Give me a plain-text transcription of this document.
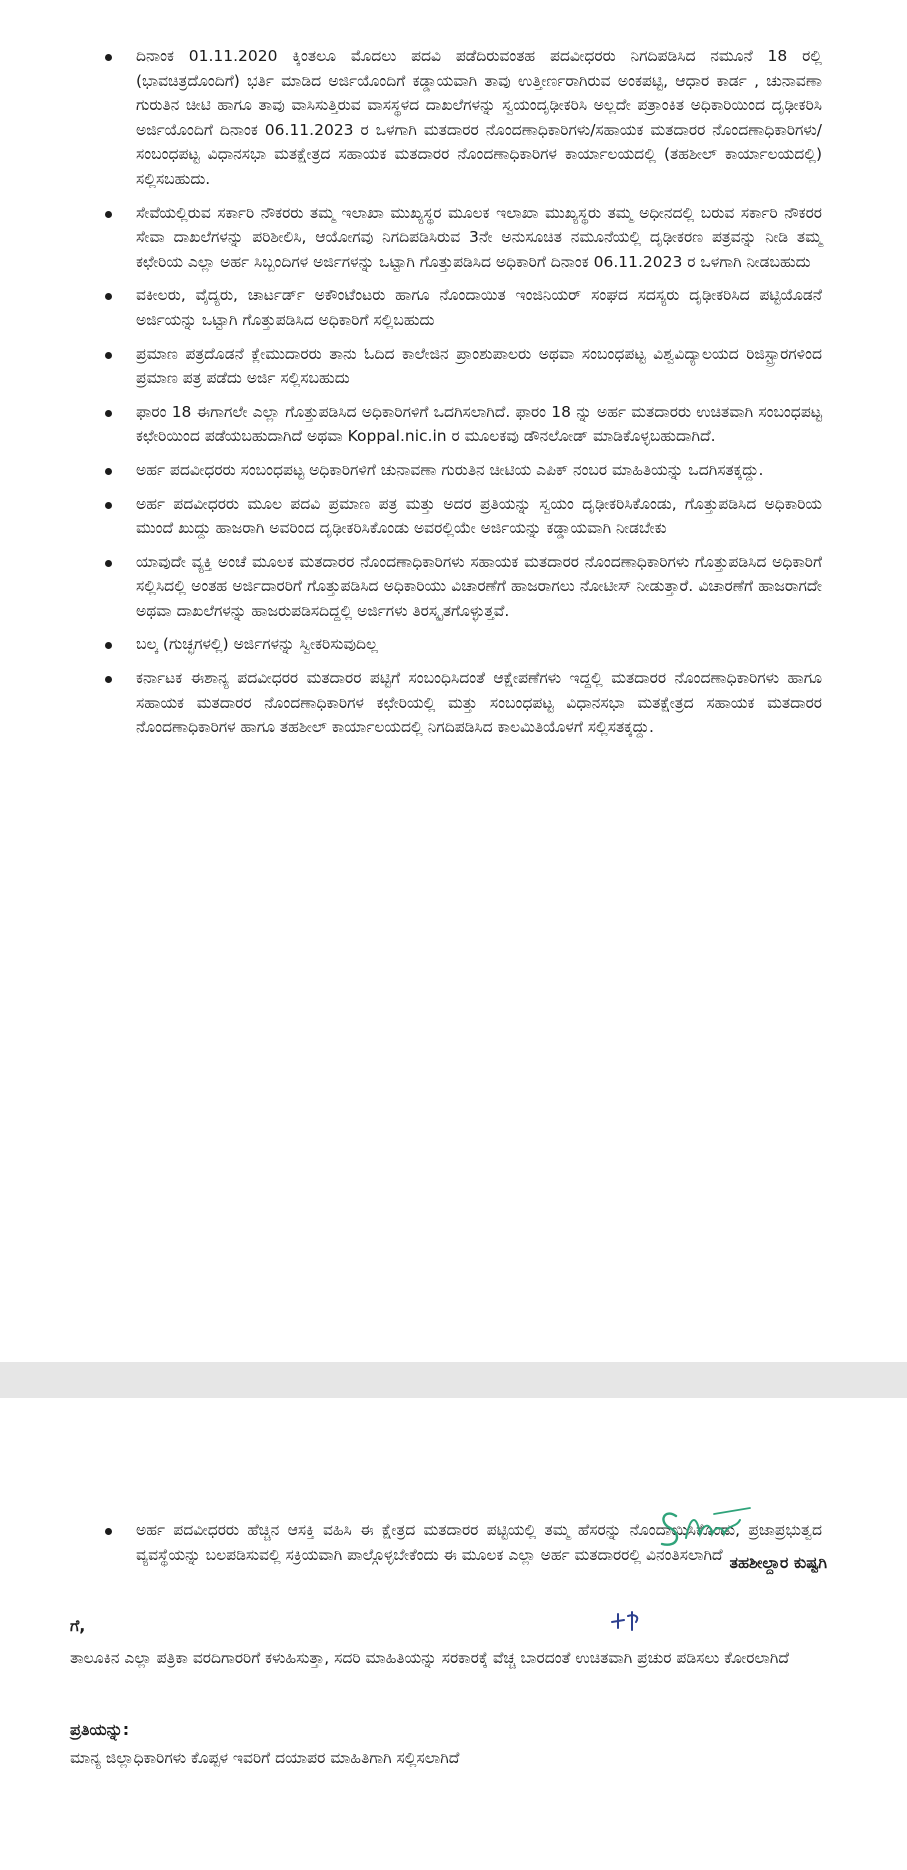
ದಿನಾಂಕ 01.11.2020 ಕ್ಕಿಂತಲೂ ಮೊದಲು ಪದವಿ ಪಡೆದಿರುವಂತಹ ಪದವೀಧರರು ನಿಗದಿಪಡಿಸಿದ ನಮೂನೆ 18 ರಲ್ಲಿ (ಭಾವಚಿತ್ರದೊಂದಿಗೆ) ಭರ್ತಿ ಮಾಡಿದ ಅರ್ಜಿಯೊಂದಿಗೆ ಕಡ್ಡಾಯವಾಗಿ ತಾವು ಉತ್ತೀರ್ಣರಾಗಿರುವ ಅಂಕಪಟ್ಟಿ, ಆಧಾರ ಕಾರ್ಡ , ಚುನಾವಣಾ ಗುರುತಿನ ಚೀಟಿ ಹಾಗೂ ತಾವು ವಾಸಿಸುತ್ತಿರುವ ವಾಸಸ್ಥಳದ ದಾಖಲೆಗಳನ್ನು ಸ್ವಯಂದೃಢೀಕರಿಸಿ ಅಲ್ಲದೇ ಪತ್ರಾಂಕಿತ ಅಧಿಕಾರಿಯಿಂದ ದೃಢೀಕರಿಸಿ ಅರ್ಜಿಯೊಂದಿಗೆ ದಿನಾಂಕ 06.11.2023 ರ ಒಳಗಾಗಿ ಮತದಾರರ ನೊಂದಣಾಧಿಕಾರಿಗಳು/ಸಹಾಯಕ ಮತದಾರರ ನೊಂದಣಾಧಿಕಾರಿಗಳು/ಸಂಬಂಧಪಟ್ಟ ವಿಧಾನಸಭಾ ಮತಕ್ಷೇತ್ರದ ಸಹಾಯಕ ಮತದಾರರ ನೊಂದಣಾಧಿಕಾರಿಗಳ ಕಾರ್ಯಾಲಯದಲ್ಲಿ (ತಹಶೀಲ್ ಕಾರ್ಯಾಲಯದಲ್ಲಿ) ಸಲ್ಲಿಸಬಹುದು.
ಸೇವೆಯಲ್ಲಿರುವ ಸರ್ಕಾರಿ ನೌಕರರು ತಮ್ಮ ಇಲಾಖಾ ಮುಖ್ಯಸ್ಥರ ಮೂಲಕ ಇಲಾಖಾ ಮುಖ್ಯಸ್ಥರು ತಮ್ಮ ಅಧೀನದಲ್ಲಿ ಬರುವ ಸರ್ಕಾರಿ ನೌಕರರ ಸೇವಾ ದಾಖಲೆಗಳನ್ನು ಪರಿಶೀಲಿಸಿ, ಆಯೋಗವು ನಿಗದಿಪಡಿಸಿರುವ 3ನೇ ಅನುಸೂಚಿತ ನಮೂನೆಯಲ್ಲಿ ದೃಢೀಕರಣ ಪತ್ರವನ್ನು ನೀಡಿ ತಮ್ಮ ಕಛೇರಿಯ ಎಲ್ಲಾ ಅರ್ಹ ಸಿಬ್ಬಂದಿಗಳ ಅರ್ಜಿಗಳನ್ನು ಒಟ್ಟಾಗಿ ಗೊತ್ತುಪಡಿಸಿದ ಅಧಿಕಾರಿಗೆ ದಿನಾಂಕ 06.11.2023 ರ ಒಳಗಾಗಿ ನೀಡಬಹುದು
ವಕೀಲರು, ವೈದ್ಯರು, ಚಾರ್ಟರ್ಡ್ ಅಕೌಂಟೆಂಟರು ಹಾಗೂ ನೊಂದಾಯಿತ ಇಂಜಿನಿಯರ್ ಸಂಘದ ಸದಸ್ಯರು ದೃಢೀಕರಿಸಿದ ಪಟ್ಟಿಯೊಡನೆ ಅರ್ಜಿಯನ್ನು ಒಟ್ಟಾಗಿ ಗೊತ್ತುಪಡಿಸಿದ ಅಧಿಕಾರಿಗೆ ಸಲ್ಲಿಬಹುದು
ಪ್ರಮಾಣ ಪತ್ರದೊಡನೆ ಕ್ಲೇಮುದಾರರು ತಾನು ಓದಿದ ಕಾಲೇಜಿನ ಪ್ರಾಂಶುಪಾಲರು ಅಥವಾ ಸಂಬಂಧಪಟ್ಟ ವಿಶ್ವವಿದ್ಯಾಲಯದ ರಿಜಿಸ್ಟ್ರಾರಗಳಿಂದ ಪ್ರಮಾಣ ಪತ್ರ ಪಡೆದು ಅರ್ಜಿ ಸಲ್ಲಿಸಬಹುದು
ಫಾರಂ 18 ಈಗಾಗಲೇ ಎಲ್ಲಾ ಗೊತ್ತುಪಡಿಸಿದ ಅಧಿಕಾರಿಗಳಿಗೆ ಒದಗಿಸಲಾಗಿದೆ. ಫಾರಂ 18 ನ್ನು ಅರ್ಹ ಮತದಾರರು ಉಚಿತವಾಗಿ ಸಂಬಂಧಪಟ್ಟ ಕಛೇರಿಯಿಂದ ಪಡೆಯಬಹುದಾಗಿದೆ ಅಥವಾ Koppal.nic.in ರ ಮೂಲಕವು ಡೌನಲೋಡ್ ಮಾಡಿಕೊಳ್ಳಬಹುದಾಗಿದೆ.
ಅರ್ಹ ಪದವೀಧರರು ಸಂಬಂಧಪಟ್ಟ ಅಧಿಕಾರಿಗಳಿಗೆ ಚುನಾವಣಾ ಗುರುತಿನ ಚೀಟಿಯ ಎಪಿಕ್ ನಂಬರ ಮಾಹಿತಿಯನ್ನು ಒದಗಿಸತಕ್ಕದ್ದು.
ಅರ್ಹ ಪದವೀಧರರು ಮೂಲ ಪದವಿ ಪ್ರಮಾಣ ಪತ್ರ ಮತ್ತು ಅದರ ಪ್ರತಿಯನ್ನು ಸ್ವಯಂ ದೃಢೀಕರಿಸಿಕೊಂಡು, ಗೊತ್ತುಪಡಿಸಿದ ಅಧಿಕಾರಿಯ ಮುಂದೆ ಖುದ್ದು ಹಾಜರಾಗಿ ಅವರಿಂದ ದೃಢೀಕರಿಸಿಕೊಂಡು ಅವರಲ್ಲಿಯೇ ಅರ್ಜಿಯನ್ನು ಕಡ್ಡಾಯವಾಗಿ ನೀಡಬೇಕು
ಯಾವುದೇ ವ್ಯಕ್ತಿ ಅಂಚೆ ಮೂಲಕ ಮತದಾರರ ನೊಂದಣಾಧಿಕಾರಿಗಳು ಸಹಾಯಕ ಮತದಾರರ ನೊಂದಣಾಧಿಕಾರಿಗಳು ಗೊತ್ತುಪಡಿಸಿದ ಅಧಿಕಾರಿಗೆ ಸಲ್ಲಿಸಿದಲ್ಲಿ ಅಂತಹ ಅರ್ಜಿದಾರರಿಗೆ ಗೊತ್ತುಪಡಿಸಿದ ಅಧಿಕಾರಿಯು ವಿಚಾರಣೆಗೆ ಹಾಜರಾಗಲು ನೋಟೀಸ್ ನೀಡುತ್ತಾರೆ. ವಿಚಾರಣೆಗೆ ಹಾಜರಾಗದೇ ಅಥವಾ ದಾಖಲೆಗಳನ್ನು ಹಾಜರುಪಡಿಸದಿದ್ದಲ್ಲಿ ಅರ್ಜಿಗಳು ತಿರಸ್ಕೃತಗೊಳ್ಳುತ್ತವೆ.
ಬಲ್ಕ (ಗುಚ್ಛಗಳಲ್ಲಿ) ಅರ್ಜಿಗಳನ್ನು ಸ್ವೀಕರಿಸುವುದಿಲ್ಲ
ಕರ್ನಾಟಕ ಈಶಾನ್ಯ ಪದವೀಧರರ ಮತದಾರರ ಪಟ್ಟಿಗೆ ಸಂಬಂಧಿಸಿದಂತೆ ಆಕ್ಷೇಪಣೆಗಳು ಇದ್ದಲ್ಲಿ ಮತದಾರರ ನೊಂದಣಾಧಿಕಾರಿಗಳು ಹಾಗೂ ಸಹಾಯಕ ಮತದಾರರ ನೊಂದಣಾಧಿಕಾರಿಗಳ ಕಛೇರಿಯಲ್ಲಿ ಮತ್ತು ಸಂಬಂಧಪಟ್ಟ ವಿಧಾನಸಭಾ ಮತಕ್ಷೇತ್ರದ ಸಹಾಯಕ ಮತದಾರರ ನೊಂದಣಾಧಿಕಾರಿಗಳ ಹಾಗೂ ತಹಶೀಲ್ ಕಾರ್ಯಾಲಯದಲ್ಲಿ ನಿಗದಿಪಡಿಸಿದ ಕಾಲಮಿತಿಯೊಳಗೆ ಸಲ್ಲಿಸತಕ್ಕದ್ದು.
ಅರ್ಹ ಪದವೀಧರರು ಹೆಚ್ಚಿನ ಆಸಕ್ತಿ ವಹಿಸಿ ಈ ಕ್ಷೇತ್ರದ ಮತದಾರರ ಪಟ್ಟಿಯಲ್ಲಿ ತಮ್ಮ ಹೆಸರನ್ನು ನೊಂದಾಯಿಸಿಕೊಂಡು, ಪ್ರಜಾಪ್ರಭುತ್ವದ ವ್ಯವಸ್ಥೆಯನ್ನು ಬಲಪಡಿಸುವಲ್ಲಿ ಸಕ್ರಿಯವಾಗಿ ಪಾಲ್ಗೊಳ್ಳಬೇಕೆಂದು ಈ ಮೂಲಕ ಎಲ್ಲಾ ಅರ್ಹ ಮತದಾರರಲ್ಲಿ ವಿನಂತಿಸಲಾಗಿದೆ ತಹಶೀಲ್ದಾರ ಕುಷ್ಟಗಿ
ಗೆ,
ತಾಲೂಕಿನ ಎಲ್ಲಾ ಪತ್ರಿಕಾ ವರದಿಗಾರರಿಗೆ ಕಳುಹಿಸುತ್ತಾ, ಸದರಿ ಮಾಹಿತಿಯನ್ನು ಸರಕಾರಕ್ಕೆ ವೆಚ್ಚ ಬಾರದಂತೆ ಉಚಿತವಾಗಿ ಪ್ರಚುರ ಪಡಿಸಲು ಕೋರಲಾಗಿದೆ
ಪ್ರತಿಯನ್ನು:
ಮಾನ್ಯ ಜಿಲ್ಲಾಧಿಕಾರಿಗಳು ಕೊಪ್ಪಳ ಇವರಿಗೆ ದಯಾಪರ ಮಾಹಿತಿಗಾಗಿ ಸಲ್ಲಿಸಲಾಗಿದೆ
